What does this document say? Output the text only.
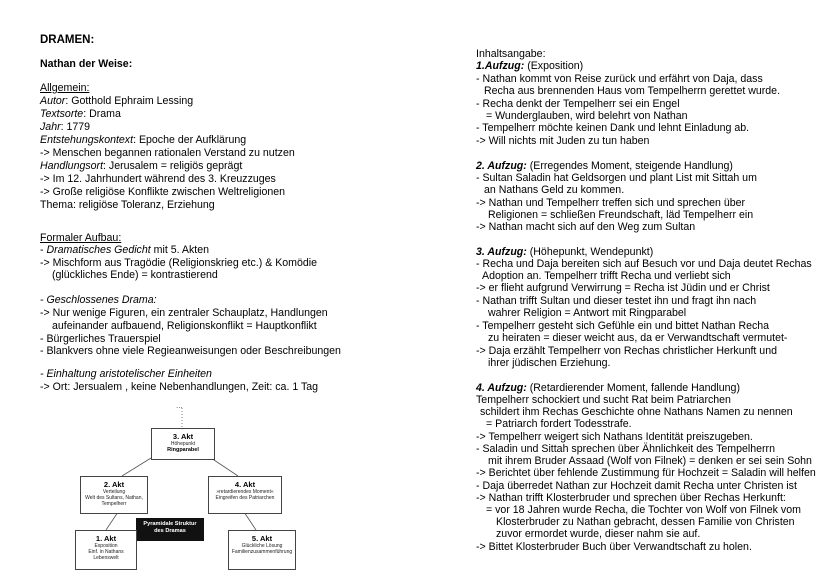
DRAMEN:
Nathan der Weise:
Allgemein:
Autor: Gotthold Ephraim Lessing
Textsorte: Drama
Jahr: 1779
Entstehungskontext: Epoche der Aufklärung
-> Menschen begannen rationalen Verstand zu nutzen
Handlungsort: Jerusalem = religiös geprägt
-> Im 12. Jahrhundert während des 3. Kreuzzuges
-> Große religiöse Konflikte zwischen Weltreligionen
Thema: religiöse Toleranz, Erziehung
Formaler Aufbau:
- Dramatisches Gedicht mit 5. Akten
-> Mischform aus Tragödie (Religionskrieg etc.) & Komödie
(glückliches Ende) = kontrastierend
- Geschlossenes Drama:
-> Nur wenige Figuren, ein zentraler Schauplatz, Handlungen
aufeinander aufbauend, Religionskonflikt = Hauptkonflikt
- Bürgerliches Trauerspiel
- Blankvers ohne viele Regieanweisungen oder Beschreibungen
- Einhaltung aristotelischer Einheiten
-> Ort: Jersualem , keine Nebenhandlungen, Zeit: ca. 1 Tag
...
3. Akt
Höhepunkt
Ringparabel
2. Akt
Verteilung
Welt des Sultans, Nathan,
Tempelherr
4. Akt
»retardierendes Moment«
Eingreifen des Patriarchen
Pyramidale Struktur
des Dramas
1. Akt
Exposition
Einf. in Nathans
Lebenswelt
5. Akt
Glückliche Lösung
Familienzusammenführung
Inhaltsangabe:
1.Aufzug: (Exposition)
- Nathan kommt von Reise zurück und erfährt von Daja, dass
Recha aus brennenden Haus vom Tempelherrn gerettet wurde.
- Recha denkt der Tempelherr sei ein Engel
= Wunderglauben, wird belehrt von Nathan
- Tempelherr möchte keinen Dank und lehnt Einladung ab.
-> Will nichts mit Juden zu tun haben
2. Aufzug: (Erregendes Moment, steigende Handlung)
- Sultan Saladin hat Geldsorgen und plant List mit Sittah um
an Nathans Geld zu kommen.
-> Nathan und Tempelherr treffen sich und sprechen über
Religionen = schließen Freundschaft, läd Tempelherr ein
-> Nathan macht sich auf den Weg zum Sultan
3. Aufzug: (Höhepunkt, Wendepunkt)
- Recha und Daja bereiten sich auf Besuch vor und Daja deutet Rechas
Adoption an. Tempelherr trifft Recha und verliebt sich
-> er flieht aufgrund Verwirrung = Recha ist Jüdin und er Christ
- Nathan trifft Sultan und dieser testet ihn und fragt ihn nach
wahrer Religion = Antwort mit Ringparabel
- Tempelherr gesteht sich Gefühle ein und bittet Nathan Recha
zu heiraten = dieser weicht aus, da er Verwandtschaft vermutet-
-> Daja erzählt Tempelherr von Rechas christlicher Herkunft und
ihrer jüdischen Erziehung.
4. Aufzug: (Retardierender Moment, fallende Handlung)
Tempelherr schockiert und sucht Rat beim Patriarchen
schildert ihm Rechas Geschichte ohne Nathans Namen zu nennen
= Patriarch fordert Todesstrafe.
-> Tempelherr weigert sich Nathans Identität preiszugeben.
- Saladin und Sittah sprechen über Ähnlichkeit des Tempelherrn
mit ihrem Bruder Assaad (Wolf von Filnek) = denken er sei sein Sohn
-> Berichtet über fehlende Zustimmung für Hochzeit = Saladin will helfen
- Daja überredet Nathan zur Hochzeit damit Recha unter Christen ist
-> Nathan trifft Klosterbruder und sprechen über Rechas Herkunft:
= vor 18 Jahren wurde Recha, die Tochter von Wolf von Filnek vom
Klosterbruder zu Nathan gebracht, dessen Familie von Christen
zuvor ermordet wurde, dieser nahm sie auf.
-> Bittet Klosterbruder Buch über Verwandtschaft zu holen.
